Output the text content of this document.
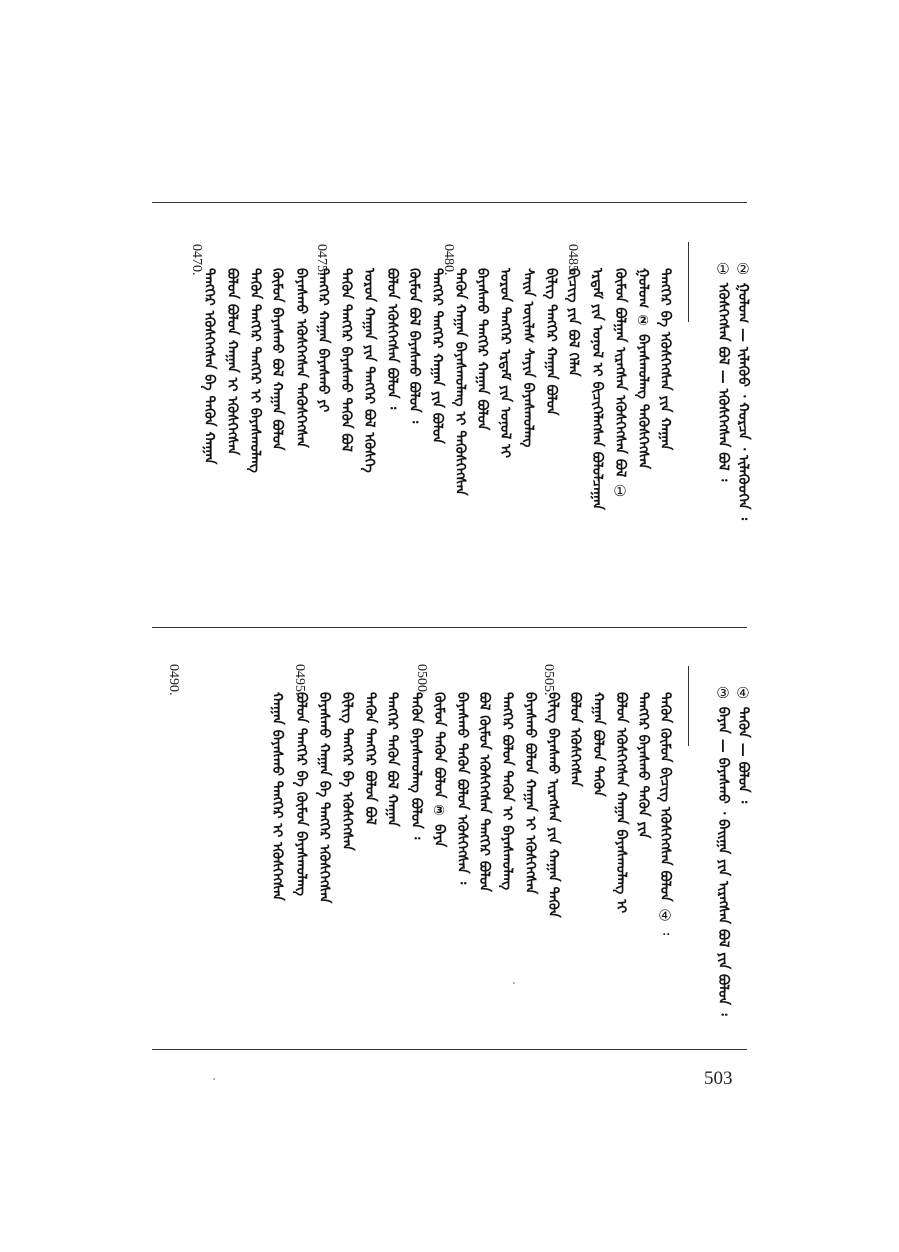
② ᠭᠣᠯᠤᠭ — ᠢᠯᠡᠭᠦᠦ ᠂ ᠬᠤᠷᠴᠠ ᠂ ᠢᠯᠡᠭᠦᠦᠬᠡᠨ ᠄
① ᠡᠭᠦᠰᠬᠡᠭᠰᠡᠨ ᠪᠣᠯ — ᠡᠭᠦᠰᠬᠡᠭᠰᠡᠨ ᠪᠣᠯ ᠄
ᠲᠡᠩᠭᠡᠷ ᠪᠡ ᠡᠭᠦᠰᠬᠡᠭᠰᠡᠨ ᠶᠢᠨ ᠬᠠᠭᠠᠨ
ᠭᠣᠯᠤᠭ ② ᠪᠠᠶᠠᠰᠬᠤᠯᠠᠩ ᠲᠡᠭᠦᠰᠬᠡᠭᠰᠡᠨ
ᠬᠦᠮᠦᠨ ᠪᠣᠯᠭᠠᠨ ᠢᠷᠡᠭᠰᠡᠨ ᠡᠭᠦᠰᠬᠡᠭᠰᠡᠨ ᠪᠣᠯ ①
ᠡᠷᠳᠡᠮ ᠶᠢᠨ ᠣᠨᠣᠯ ᠢ ᠪᠢᠴᠢᠭᠡᠯᠡᠭᠰᠡᠨ ᠪᠣᠯᠤᠯᠴᠠᠭᠠᠨ
ᠪᠢᠴᠢᠭ ᠶᠢᠨ ᠪᠣᠯ ᠬᠡᠯᠡᠨ
ᠪᠢᠯᠢᠭ ᠲᠡᠩᠭᠡᠷ ᠬᠠᠭᠠᠨ ᠪᠣᠯᠤᠨ
ᠰᠠᠢᠨ ᠦᠢᠯᠡᠰ ᠰᠠᠶᠢᠨ ᠪᠠᠶᠠᠰᠬᠤᠯᠠᠩ
ᠣᠷᠣᠨ ᠲᠡᠩᠭᠡᠷ ᠡᠷᠳᠡᠮ ᠶᠢᠨ ᠣᠨᠣᠯ ᠢ
ᠪᠠᠶᠠᠰᠬᠤ ᠲᠡᠩᠭᠡᠷ ᠬᠠᠭᠠᠨ ᠪᠣᠯᠤᠨ
ᠲᠡᠭᠦᠨ ᠬᠠᠭᠠᠨ ᠪᠠᠶᠠᠰᠬᠤᠯᠠᠩ ᠢ ᠲᠡᠭᠦᠰᠬᠡᠭᠰᠡᠨ
ᠲᠡᠩᠭᠡᠷ ᠲᠡᠩᠭᠡᠷ ᠬᠠᠭᠠᠨ ᠶᠢᠨ ᠪᠣᠯᠤᠨ
ᠬᠦᠮᠦᠨ ᠪᠣᠯ ᠪᠠᠶᠠᠰᠬᠤ ᠪᠣᠯᠤᠨ ᠄
ᠪᠣᠯᠤᠨ ᠡᠭᠦᠰᠬᠡᠭᠰᠡᠨ ᠪᠣᠯᠤᠨ ᠄
ᠣᠷᠣᠨ ᠬᠠᠭᠠᠨ ᠶᠢᠨ ᠲᠡᠩᠭᠡᠷ ᠪᠣᠯ ᠡᠭᠦᠰᠬᠡ
ᠲᠡᠭᠦᠨ ᠲᠡᠩᠭᠡᠷ ᠪᠠᠶᠠᠰᠬᠤ ᠲᠡᠭᠦᠨ ᠪᠣᠯ
ᠲᠡᠩᠭᠡᠷ ᠬᠠᠭᠠᠨ ᠪᠠᠶᠠᠰᠬᠤ ᠶᠢ
ᠪᠠᠶᠠᠰᠬᠤ ᠡᠭᠦᠰᠬᠡᠭᠰᠡᠨ ᠲᠡᠭᠦᠰᠬᠡᠭᠰᠡᠨ
ᠬᠦᠮᠦᠨ ᠪᠠᠶᠠᠰᠬᠤ ᠪᠣᠯ ᠬᠠᠭᠠᠨ ᠪᠣᠯᠤᠨ
ᠲᠡᠭᠦᠨ ᠲᠡᠩᠭᠡᠷ ᠲᠡᠩᠭᠡᠷ ᠢ ᠪᠠᠶᠠᠰᠬᠤᠯᠠᠩ
ᠪᠣᠯᠤᠨ ᠪᠣᠯᠤᠨ ᠬᠠᠭᠠᠨ ᠢ ᠡᠭᠦᠰᠬᠡᠭᠰᠡᠨ
ᠲᠡᠩᠭᠡᠷ ᠡᠭᠦᠰᠬᠡᠭᠰᠡᠨ ᠪᠡ ᠲᠡᠭᠦᠨ ᠬᠠᠭᠠᠨ
0485.
0480.
0475.
0470.
④ ᠲᠡᠭᠦᠨ — ᠪᠣᠯᠤᠨ ᠄
③ ᠪᠠᠶᠠᠨ — ᠪᠠᠶᠠᠰᠬᠤ ᠂ ᠪᠠᠢᠭᠠ ᠶᠢᠨ ᠢᠷᠡᠭᠰᠡᠨ ᠪᠣᠯ ᠶᠢᠨ ᠪᠣᠯᠤᠨ ᠄
ᠲᠡᠭᠦᠨ ᠬᠦᠮᠦᠨ ᠪᠢᠴᠢᠭ ᠡᠭᠦᠰᠬᠡᠭᠰᠡᠨ ᠪᠣᠯᠤᠨ ④ ᠄
ᠲᠡᠩᠭᠡᠷ ᠪᠠᠶᠠᠰᠬᠤ ᠲᠡᠭᠦᠨ ᠶᠢᠨ
ᠪᠣᠯᠤᠨ ᠡᠭᠦᠰᠬᠡᠭᠰᠡᠨ ᠬᠠᠭᠠᠨ ᠪᠠᠶᠠᠰᠬᠤᠯᠠᠩ ᠢ
ᠬᠠᠭᠠᠨ ᠪᠣᠯᠤᠨ ᠲᠡᠭᠦᠨ
ᠪᠣᠯᠤᠨ ᠡᠭᠦᠰᠬᠡᠭᠰᠡᠨ
ᠪᠢᠯᠢᠭ ᠪᠠᠶᠠᠰᠬᠤ ᠢᠷᠡᠭᠰᠡᠨ ᠶᠢᠨ ᠬᠠᠭᠠᠨ ᠲᠡᠭᠦᠨ
ᠪᠠᠶᠠᠰᠬᠤ ᠪᠣᠯᠤᠨ ᠬᠠᠭᠠᠨ ᠢ ᠡᠭᠦᠰᠬᠡᠭᠰᠡᠨ
ᠲᠡᠩᠭᠡᠷ ᠪᠣᠯᠤᠨ ᠲᠡᠭᠦᠨ ᠢ ᠪᠠᠶᠠᠰᠬᠤᠯᠠᠩ
ᠪᠣᠯ ᠬᠦᠮᠦᠨ ᠡᠭᠦᠰᠬᠡᠭᠰᠡᠨ ᠲᠡᠩᠭᠡᠷ ᠪᠣᠯᠤᠨ
ᠪᠠᠶᠠᠰᠬᠤ ᠲᠡᠭᠦᠨ ᠪᠣᠯᠤᠨ ᠡᠭᠦᠰᠬᠡᠭᠰᠡᠨ ᠄
ᠬᠦᠮᠦᠨ ᠲᠡᠭᠦᠨ ᠪᠣᠯᠤᠨ ③ ᠪᠠᠶᠠ
ᠲᠡᠭᠦᠨ ᠪᠠᠶᠠᠰᠬᠤᠯᠠᠩ ᠪᠣᠯᠤᠨ ᠄
ᠲᠡᠩᠭᠡᠷ ᠲᠡᠭᠦᠨ ᠪᠣᠯ ᠬᠠᠭᠠᠨ
ᠲᠡᠭᠦᠨ ᠲᠡᠩᠭᠡᠷ ᠪᠣᠯᠤᠨ ᠪᠣᠯ
ᠪᠢᠯᠢᠭ ᠲᠡᠩᠭᠡᠷ ᠪᠡ ᠡᠭᠦᠰᠬᠡᠭᠰᠡᠨ
ᠪᠠᠶᠠᠰᠬᠤ ᠬᠠᠭᠠᠨ ᠪᠡ ᠲᠡᠩᠭᠡᠷ ᠡᠭᠦᠰᠬᠡᠭᠰᠡᠨ
ᠪᠣᠯᠤᠨ ᠲᠡᠩᠭᠡᠷ ᠪᠡ ᠬᠦᠮᠦᠨ ᠪᠠᠶᠠᠰᠬᠤᠯᠠᠩ
ᠬᠠᠭᠠᠨ ᠪᠠᠶᠠᠰᠬᠤ ᠲᠡᠩᠭᠡᠷ ᠢ ᠡᠭᠦᠰᠬᠡᠭᠰᠡᠨ
0505.
0500.
0495.
0490.
503
